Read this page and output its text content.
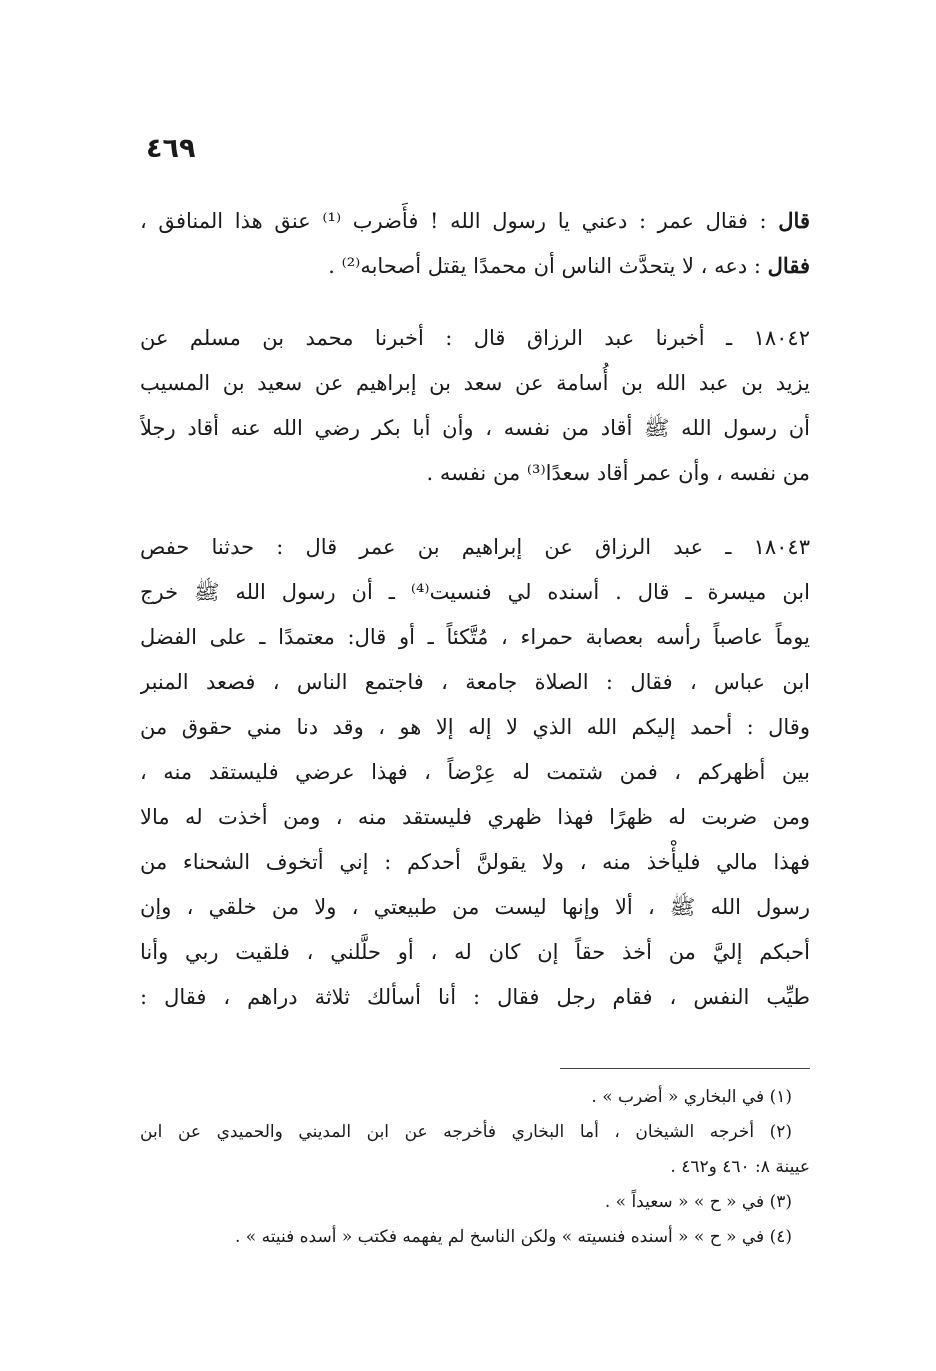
٤٦٩
قال : فقال عمر : دعني يا رسول الله ! فأَضرب ⁽¹⁾ عنق هذا المنافق ،
فقال : دعه ، لا يتحدَّث الناس أن محمدًا يقتل أصحابه⁽²⁾ .
١٨٠٤٢ ـ أخبرنا عبد الرزاق قال : أخبرنا محمد بن مسلم عن
يزيد بن عبد الله بن أُسامة عن سعد بن إبراهيم عن سعيد بن المسيب
أن رسول الله ﷺ أقاد من نفسه ، وأن أبا بكر رضي الله عنه أقاد رجلاً
من نفسه ، وأن عمر أقاد سعدًا⁽³⁾ من نفسه .
١٨٠٤٣ ـ عبد الرزاق عن إبراهيم بن عمر قال : حدثنا حفص
ابن ميسرة ـ قال . أسنده لي فنسيت⁽⁴⁾ ـ أن رسول الله ﷺ خرج
يوماً عاصباً رأسه بعصابة حمراء ، مُتَّكئاً ـ أو قال: معتمدًا ـ على الفضل
ابن عباس ، فقال : الصلاة جامعة ، فاجتمع الناس ، فصعد المنبر
وقال : أحمد إليكم الله الذي لا إله إلا هو ، وقد دنا مني حقوق من
بين أظهركم ، فمن شتمت له عِرْضاً ، فهذا عرضي فليستقد منه ،
ومن ضربت له ظهرًا فهذا ظهري فليستقد منه ، ومن أخذت له مالا
فهذا مالي فليأْخذ منه ، ولا يقولنَّ أحدكم : إني أتخوف الشحناء من
رسول الله ﷺ ، ألا وإنها ليست من طبيعتي ، ولا من خلقي ، وإن
أحبكم إليَّ من أخذ حقاً إن كان له ، أو حلَّلني ، فلقيت ربي وأنا
طيِّب النفس ، فقام رجل فقال : أنا أسألك ثلاثة دراهم ، فقال :
(١) في البخاري « أضرب » .
(٢) أخرجه الشيخان ، أما البخاري فأخرجه عن ابن المديني والحميدي عن ابن
عيينة ٨: ٤٦٠ و٤٦٢ .
(٣) في « ح » « سعيداً » .
(٤) في « ح » « أسنده فنسيته » ولكن الناسخ لم يفهمه فكتب « أسده فنيته » .
